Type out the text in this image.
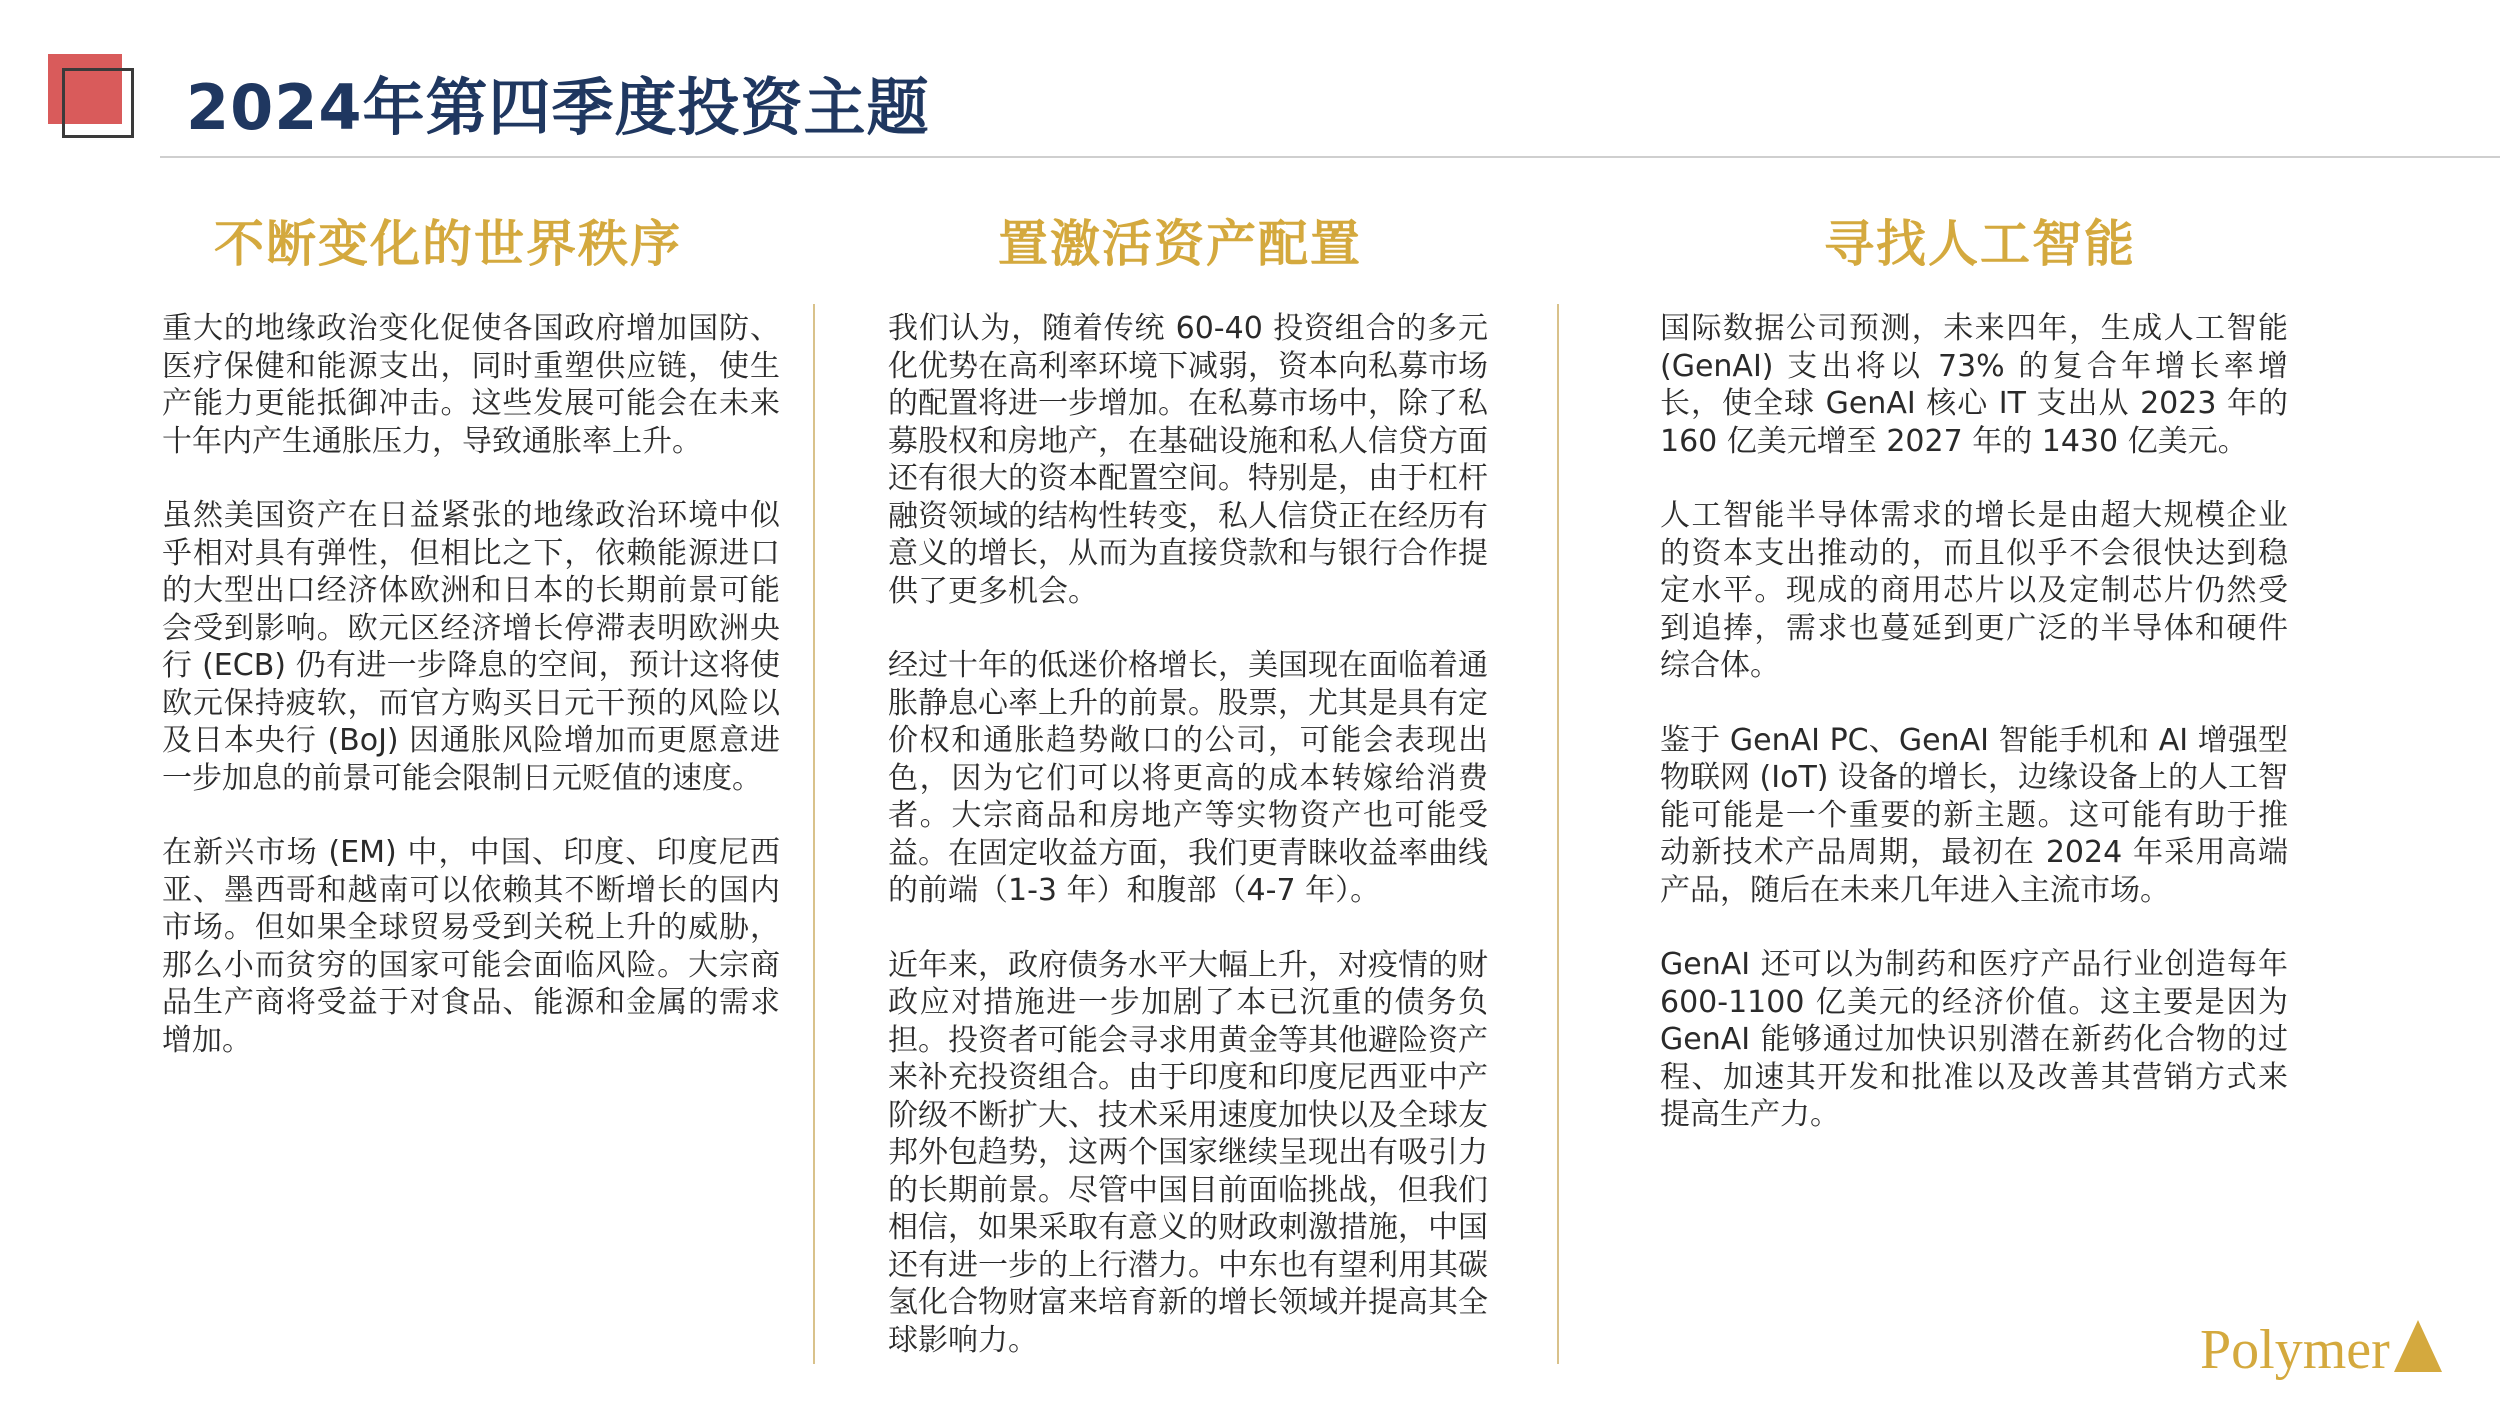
2024年第四季度投资主题
不断变化的世界秩序

重大的地缘政治变化促使各国政府增加国防、医疗保健和能源支出，同时重塑供应链，使生产能力更能抵御冲击。这些发展可能会在未来十年内产生通胀压力，导致通胀率上升。

虽然美国资产在日益紧张的地缘政治环境中似乎相对具有弹性，但相比之下，依赖能源进口的大型出口经济体欧洲和日本的长期前景可能会受到影响。欧元区经济增长停滞表明欧洲央行 (ECB) 仍有进一步降息的空间，预计这将使欧元保持疲软，而官方购买日元干预的风险以及日本央行 (BoJ) 因通胀风险增加而更愿意进一步加息的前景可能会限制日元贬值的速度。

在新兴市场 (EM) 中，中国、印度、印度尼西亚、墨西哥和越南可以依赖其不断增长的国内市场。但如果全球贸易受到关税上升的威胁，那么小而贫穷的国家可能会面临风险。大宗商品生产商将受益于对食品、能源和金属的需求增加。

置激活资产配置

我们认为，随着传统 60-40 投资组合的多元化优势在高利率环境下减弱，资本向私募市场的配置将进一步增加。在私募市场中，除了私募股权和房地产，在基础设施和私人信贷方面还有很大的资本配置空间。特别是，由于杠杆融资领域的结构性转变，私人信贷正在经历有意义的增长，从而为直接贷款和与银行合作提供了更多机会。

经过十年的低迷价格增长，美国现在面临着通胀静息心率上升的前景。股票，尤其是具有定价权和通胀趋势敞口的公司，可能会表现出色，因为它们可以将更高的成本转嫁给消费者。大宗商品和房地产等实物资产也可能受益。在固定收益方面，我们更青睐收益率曲线的前端（1-3 年）和腹部（4-7 年）。

近年来，政府债务水平大幅上升，对疫情的财政应对措施进一步加剧了本已沉重的债务负担。投资者可能会寻求用黄金等其他避险资产来补充投资组合。由于印度和印度尼西亚中产阶级不断扩大、技术采用速度加快以及全球友邦外包趋势，这两个国家继续呈现出有吸引力的长期前景。尽管中国目前面临挑战，但我们相信，如果采取有意义的财政刺激措施，中国还有进一步的上行潜力。中东也有望利用其碳氢化合物财富来培育新的增长领域并提高其全球影响力。

寻找人工智能

国际数据公司预测，未来四年，生成人工智能 (GenAI) 支出将以 73% 的复合年增长率增长，使全球 GenAI 核心 IT 支出从 2023 年的 160 亿美元增至 2027 年的 1430 亿美元。

人工智能半导体需求的增长是由超大规模企业的资本支出推动的，而且似乎不会很快达到稳定水平。现成的商用芯片以及定制芯片仍然受到追捧，需求也蔓延到更广泛的半导体和硬件综合体。

鉴于 GenAI PC、GenAI 智能手机和 AI 增强型物联网 (IoT) 设备的增长，边缘设备上的人工智能可能是一个重要的新主题。这可能有助于推动新技术产品周期，最初在 2024 年采用高端产品，随后在未来几年进入主流市场。

GenAI 还可以为制药和医疗产品行业创造每年 600-1100 亿美元的经济价值。这主要是因为 GenAI 能够通过加快识别潜在新药化合物的过程、加速其开发和批准以及改善其营销方式来提高生产力。

Polymer
